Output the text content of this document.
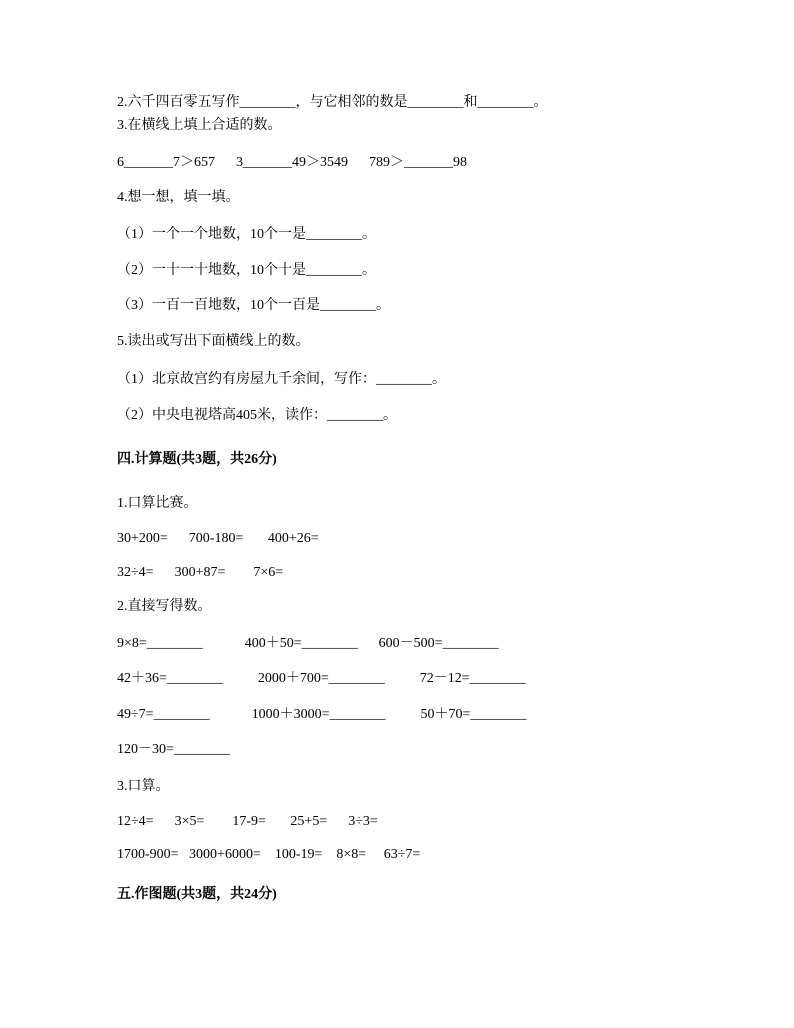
2.六千四百零五写作________，与它相邻的数是________和________。
3.在横线上填上合适的数。
6_______7＞657      3_______49＞3549      789＞_______98
4.想一想，填一填。
（1）一个一个地数，10个一是________。
（2）一十一十地数，10个十是________。
（3）一百一百地数，10个一百是________。
5.读出或写出下面横线上的数。
（1）北京故宫约有房屋九千余间，写作：________。
（2）中央电视塔高405米，读作：________。
四.计算题(共3题，共26分)
1.口算比赛。
30+200=      700-180=       400+26=
32÷4=      300+87=        7×6=
2.直接写得数。
9×8=________            400＋50=________      600－500=________
42＋36=________          2000＋700=________          72－12=________
49÷7=________            1000＋3000=________          50＋70=________
120－30=________
3.口算。
12÷4=      3×5=        17-9=       25+5=      3÷3=
1700-900=   3000+6000=    100-19=    8×8=     63÷7=
五.作图题(共3题，共24分)
